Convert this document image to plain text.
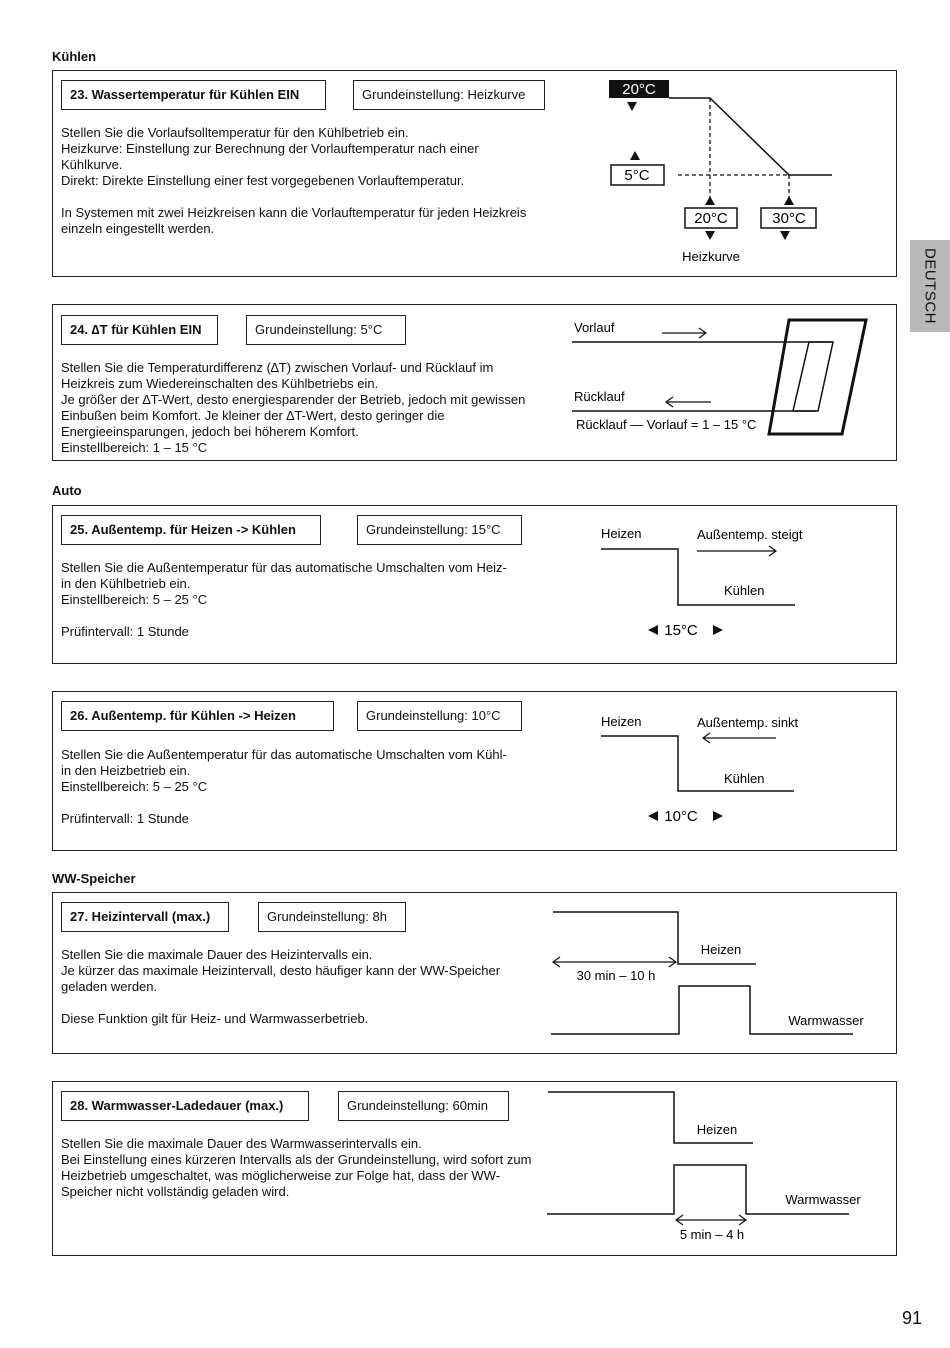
Kühlen
Auto
WW-Speicher
DEUTSCH
23. Wassertemperatur für Kühlen EIN	Grundeinstellung: Heizkurve

Stellen Sie die Vorlaufsolltemperatur für den Kühlbetrieb ein.
Heizkurve: Einstellung zur Berechnung der Vorlauftemperatur nach einer Kühlkurve.
Direkt: Direkte Einstellung einer fest vorgegebenen Vorlauftemperatur.

In Systemen mit zwei Heizkreisen kann die Vorlauftemperatur für jeden Heizkreis einzeln eingestellt werden.

20°C
5°C
20°C	30°C
Heizkurve
24. ∆T für Kühlen EIN	Grundeinstellung: 5°C

Stellen Sie die Temperaturdifferenz (∆T) zwischen Vorlauf- und Rücklauf im Heizkreis zum Wiedereinschalten des Kühlbetriebs ein.
Je größer der ∆T-Wert, desto energiesparender der Betrieb, jedoch mit gewissen Einbußen beim Komfort. Je kleiner der ∆T-Wert, desto geringer die Energieeinsparungen, jedoch bei höherem Komfort.
Einstellbereich: 1 – 15 °C

Vorlauf
Rücklauf
Rücklauf — Vorlauf = 1 – 15 °C
25. Außentemp. für Heizen -> Kühlen	Grundeinstellung: 15°C

Stellen Sie die Außentemperatur für das automatische Umschalten vom Heiz-
in den Kühlbetrieb ein.
Einstellbereich: 5 – 25 °C

Prüfintervall: 1 Stunde

Heizen	Außentemp. steigt
Kühlen
15°C
26. Außentemp. für Kühlen -> Heizen	Grundeinstellung: 10°C

Stellen Sie die Außentemperatur für das automatische Umschalten vom Kühl-
in den Heizbetrieb ein.
Einstellbereich: 5 – 25 °C

Prüfintervall: 1 Stunde

Heizen	Außentemp. sinkt
Kühlen
10°C
27. Heizintervall (max.)	Grundeinstellung: 8h

Stellen Sie die maximale Dauer des Heizintervalls ein.
Je kürzer das maximale Heizintervall, desto häufiger kann der WW-Speicher geladen werden.

Diese Funktion gilt für Heiz- und Warmwasserbetrieb.

Heizen
30 min – 10 h
Warmwasser
28. Warmwasser-Ladedauer (max.)	Grundeinstellung: 60min

Stellen Sie die maximale Dauer des Warmwasserintervalls ein.
Bei Einstellung eines kürzeren Intervalls als der Grundeinstellung, wird sofort zum Heizbetrieb umgeschaltet, was möglicherweise zur Folge hat, dass der WW-Speicher nicht vollständig geladen wird.

Heizen
Warmwasser
5 min – 4 h
91
